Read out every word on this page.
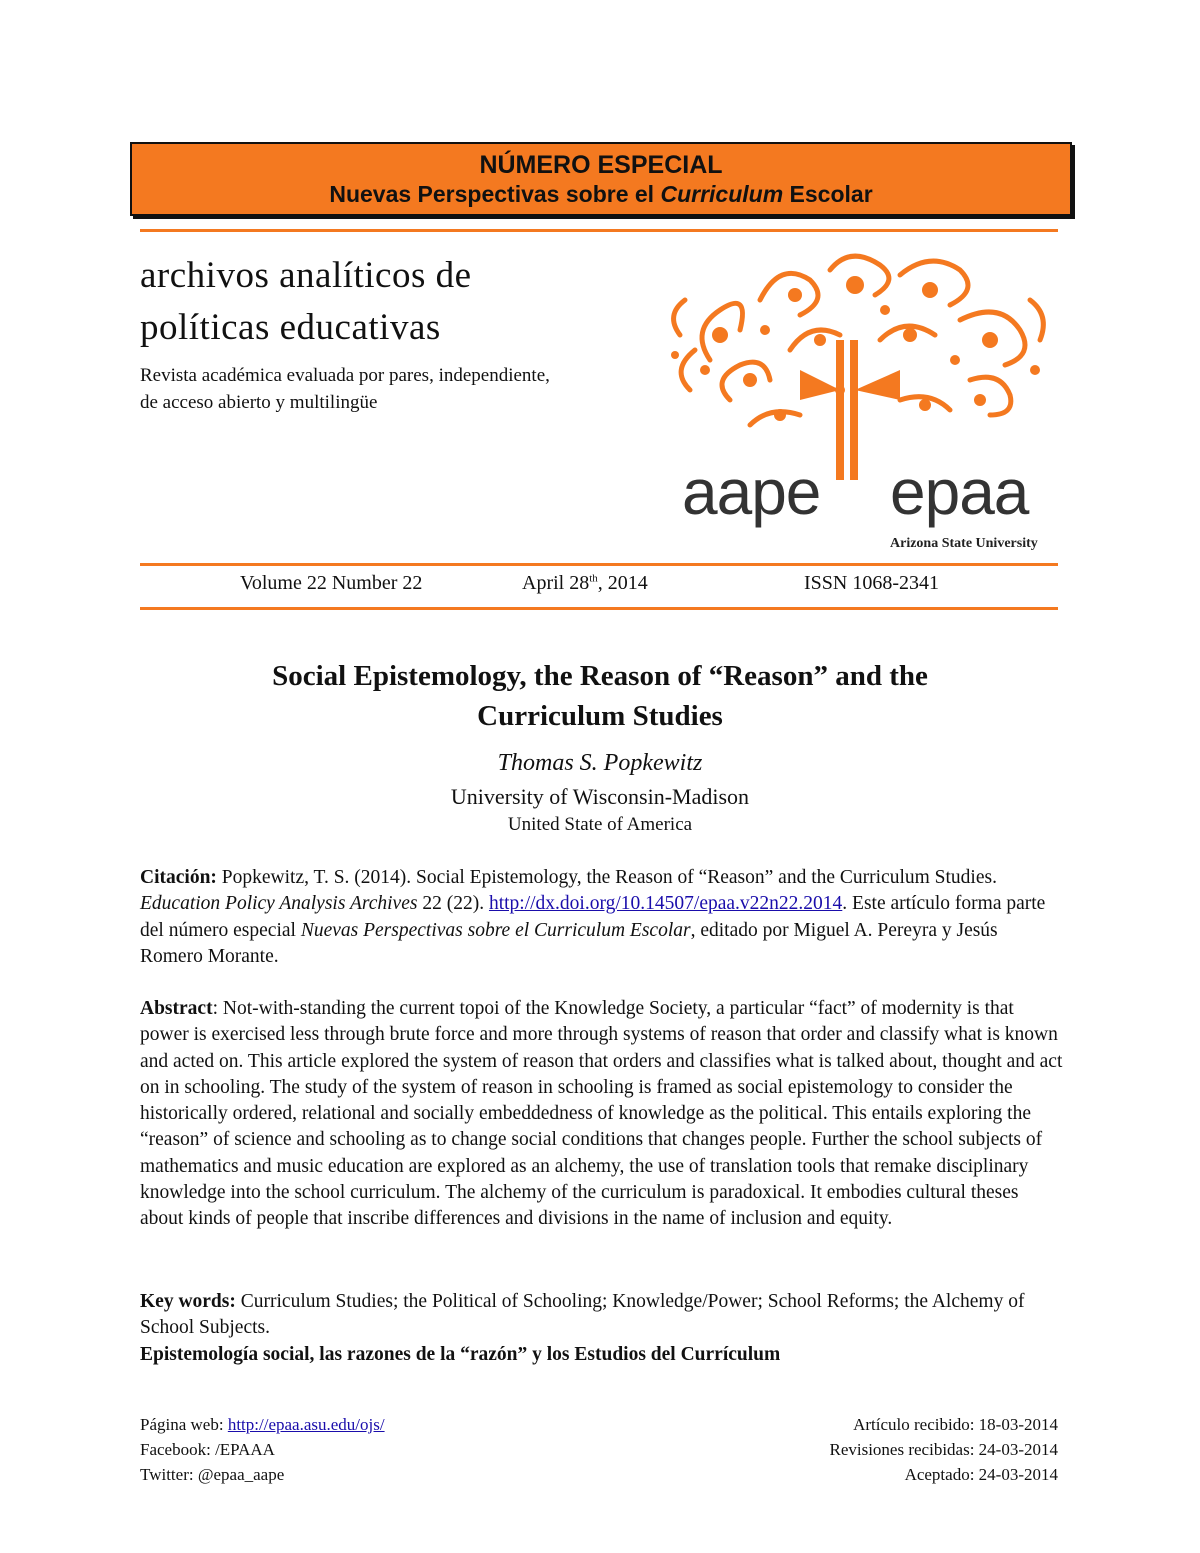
NÚMERO ESPECIAL
Nuevas Perspectivas sobre el Curriculum Escolar
archivos analíticos de
políticas educativas
Revista académica evaluada por pares, independiente,
de acceso abierto y multilingüe
aape epaa
Arizona State University
Volume 22 Number 22	April 28th, 2014	ISSN 1068-2341
Social Epistemology, the Reason of “Reason” and the
Curriculum Studies
Thomas S. Popkewitz
University of Wisconsin-Madison
United State of America
Citación: Popkewitz, T. S. (2014). Social Epistemology, the Reason of “Reason” and the Curriculum Studies. Education Policy Analysis Archives 22 (22). http://dx.doi.org/10.14507/epaa.v22n22.2014. Este artículo forma parte del número especial Nuevas Perspectivas sobre el Curriculum Escolar, editado por Miguel A. Pereyra y Jesús Romero Morante.
Abstract: Not-with-standing the current topoi of the Knowledge Society, a particular “fact” of modernity is that power is exercised less through brute force and more through systems of reason that order and classify what is known and acted on. This article explored the system of reason that orders and classifies what is talked about, thought and act on in schooling. The study of the system of reason in schooling is framed as social epistemology to consider the historically ordered, relational and socially embeddedness of knowledge as the political. This entails exploring the “reason” of science and schooling as to change social conditions that changes people. Further the school subjects of mathematics and music education are explored as an alchemy, the use of translation tools that remake disciplinary knowledge into the school curriculum. The alchemy of the curriculum is paradoxical. It embodies cultural theses about kinds of people that inscribe differences and divisions in the name of inclusion and equity.
Key words: Curriculum Studies; the Political of Schooling; Knowledge/Power; School Reforms; the Alchemy of School Subjects.
Epistemología social, las razones de la “razón” y los Estudios del Currículum
Página web: http://epaa.asu.edu/ojs/
Facebook: /EPAAA
Twitter: @epaa_aape
Artículo recibido: 18-03-2014
Revisiones recibidas: 24-03-2014
Aceptado: 24-03-2014
